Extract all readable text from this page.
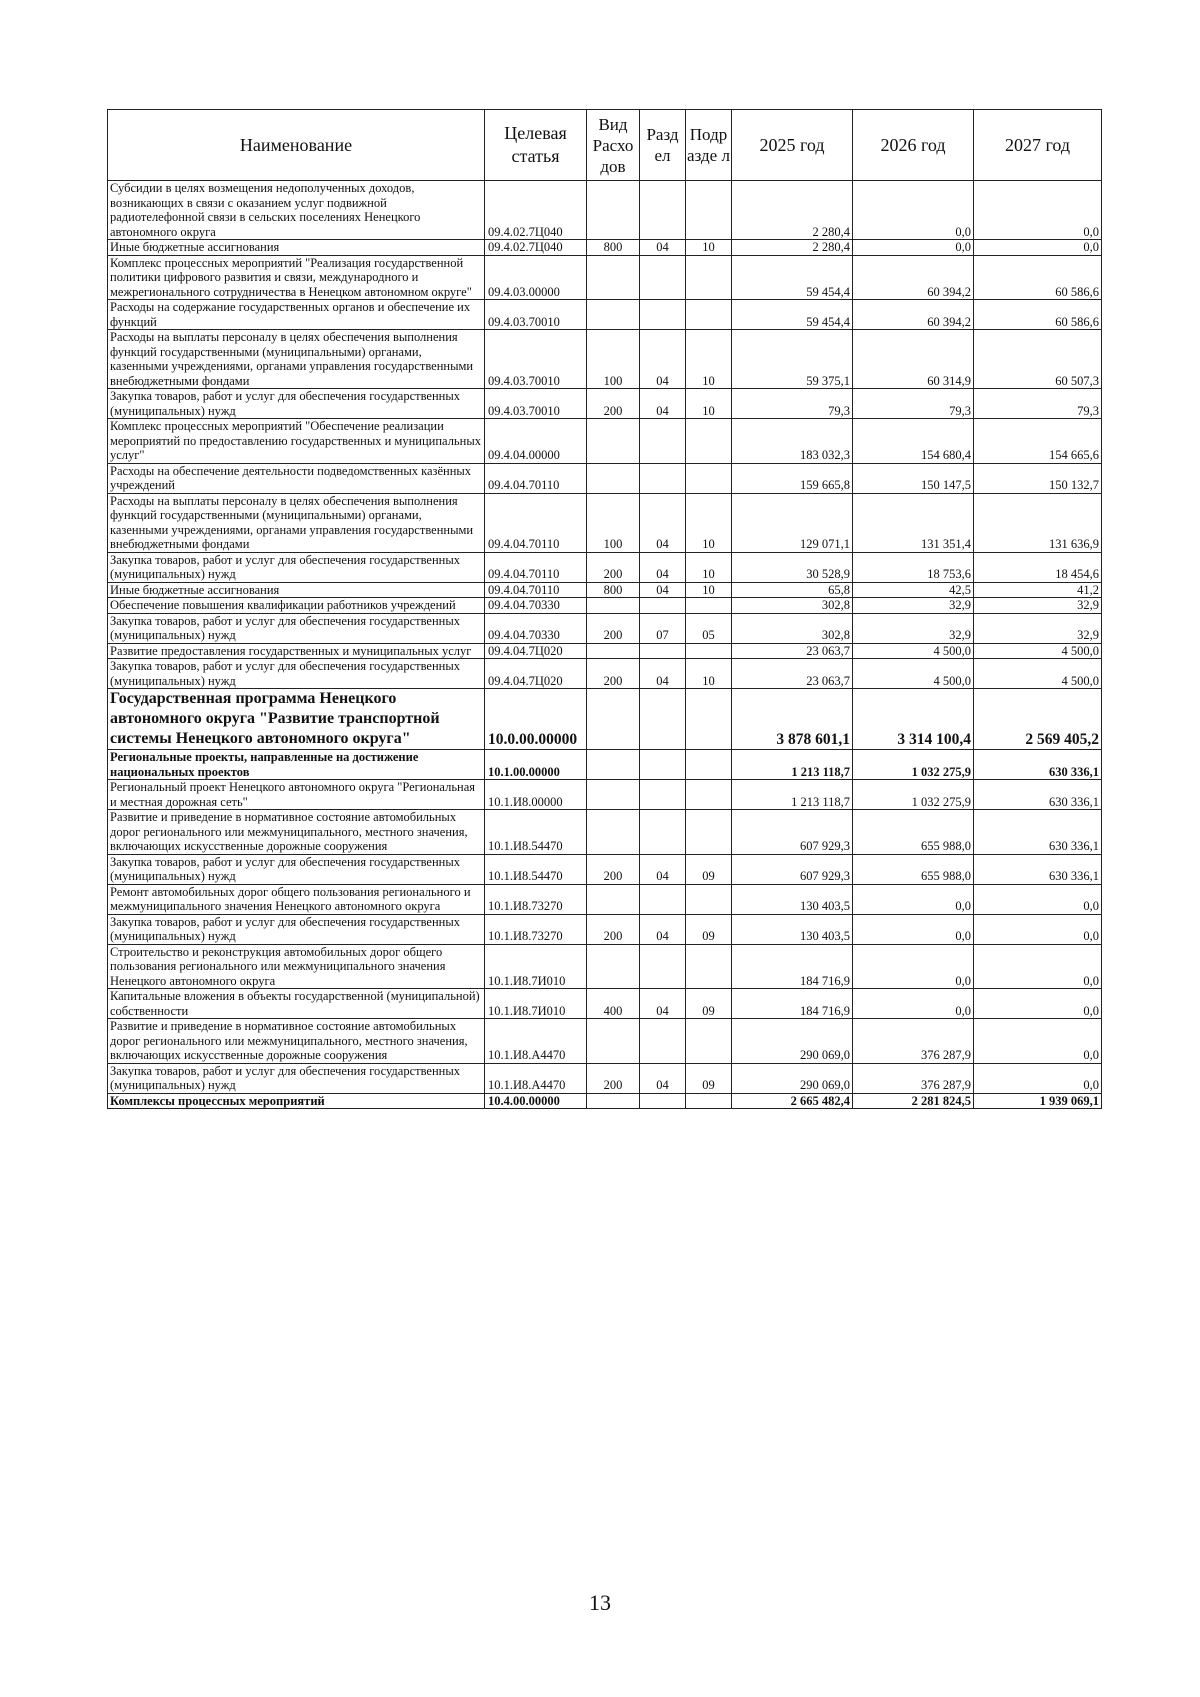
Наименование	Целевая статья	Вид Расхо дов	Разд ел	Подр азде л	2025 год	2026 год	2027 год
Субсидии в целях возмещения недополученных доходов, возникающих в связи с оказанием услуг подвижной радиотелефонной связи в сельских поселениях Ненецкого автономного округа	09.4.02.7Ц040				2 280,4	0,0	0,0
Иные бюджетные ассигнования	09.4.02.7Ц040	800	04	10	2 280,4	0,0	0,0
Комплекс процессных мероприятий "Реализация государственной политики цифрового развития и связи, международного и межрегионального сотрудничества в Ненецком автономном округе"	09.4.03.00000				59 454,4	60 394,2	60 586,6
Расходы на содержание государственных органов и обеспечение их функций	09.4.03.70010				59 454,4	60 394,2	60 586,6
Расходы на выплаты персоналу в целях обеспечения выполнения функций государственными (муниципальными) органами, казенными учреждениями, органами управления государственными внебюджетными фондами	09.4.03.70010	100	04	10	59 375,1	60 314,9	60 507,3
Закупка товаров, работ и услуг для обеспечения государственных (муниципальных) нужд	09.4.03.70010	200	04	10	79,3	79,3	79,3
Комплекс процессных мероприятий "Обеспечение реализации мероприятий по предоставлению государственных и муниципальных услуг"	09.4.04.00000				183 032,3	154 680,4	154 665,6
Расходы на обеспечение деятельности подведомственных казённых учреждений	09.4.04.70110				159 665,8	150 147,5	150 132,7
Расходы на выплаты персоналу в целях обеспечения выполнения функций государственными (муниципальными) органами, казенными учреждениями, органами управления государственными внебюджетными фондами	09.4.04.70110	100	04	10	129 071,1	131 351,4	131 636,9
Закупка товаров, работ и услуг для обеспечения государственных (муниципальных) нужд	09.4.04.70110	200	04	10	30 528,9	18 753,6	18 454,6
Иные бюджетные ассигнования	09.4.04.70110	800	04	10	65,8	42,5	41,2
Обеспечение повышения квалификации работников учреждений	09.4.04.70330				302,8	32,9	32,9
Закупка товаров, работ и услуг для обеспечения государственных (муниципальных) нужд	09.4.04.70330	200	07	05	302,8	32,9	32,9
Развитие предоставления государственных и муниципальных услуг	09.4.04.7Ц020				23 063,7	4 500,0	4 500,0
Закупка товаров, работ и услуг для обеспечения государственных (муниципальных) нужд	09.4.04.7Ц020	200	04	10	23 063,7	4 500,0	4 500,0
Государственная программа Ненецкого автономного округа "Развитие транспортной системы Ненецкого автономного округа"	10.0.00.00000				3 878 601,1	3 314 100,4	2 569 405,2
Региональные проекты, направленные на достижение национальных проектов	10.1.00.00000				1 213 118,7	1 032 275,9	630 336,1
Региональный проект Ненецкого автономного округа "Региональная и местная дорожная сеть"	10.1.И8.00000				1 213 118,7	1 032 275,9	630 336,1
Развитие и приведение в нормативное состояние автомобильных дорог регионального или межмуниципального, местного значения, включающих искусственные дорожные сооружения	10.1.И8.54470				607 929,3	655 988,0	630 336,1
Закупка товаров, работ и услуг для обеспечения государственных (муниципальных) нужд	10.1.И8.54470	200	04	09	607 929,3	655 988,0	630 336,1
Ремонт автомобильных дорог общего пользования регионального и межмуниципального значения Ненецкого автономного округа	10.1.И8.73270				130 403,5	0,0	0,0
Закупка товаров, работ и услуг для обеспечения государственных (муниципальных) нужд	10.1.И8.73270	200	04	09	130 403,5	0,0	0,0
Строительство и реконструкция автомобильных дорог общего пользования регионального или межмуниципального значения Ненецкого автономного округа	10.1.И8.7И010				184 716,9	0,0	0,0
Капитальные вложения в объекты государственной (муниципальной) собственности	10.1.И8.7И010	400	04	09	184 716,9	0,0	0,0
Развитие и приведение в нормативное состояние автомобильных дорог регионального или межмуниципального, местного значения, включающих искусственные дорожные сооружения	10.1.И8.А4470				290 069,0	376 287,9	0,0
Закупка товаров, работ и услуг для обеспечения государственных (муниципальных) нужд	10.1.И8.А4470	200	04	09	290 069,0	376 287,9	0,0
Комплексы процессных мероприятий	10.4.00.00000				2 665 482,4	2 281 824,5	1 939 069,1
13
